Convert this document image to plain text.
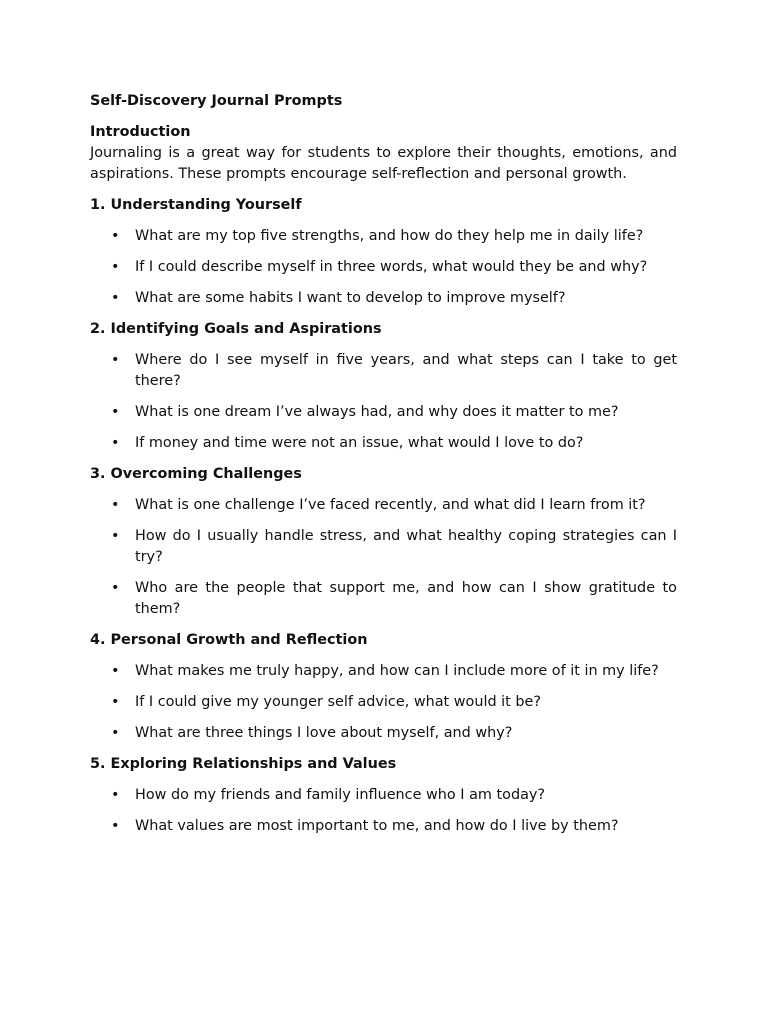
Self-Discovery Journal Prompts
Introduction
Journaling is a great way for students to explore their thoughts, emotions, and aspirations. These prompts encourage self-reflection and personal growth.
1. Understanding Yourself
• What are my top five strengths, and how do they help me in daily life?
• If I could describe myself in three words, what would they be and why?
• What are some habits I want to develop to improve myself?
2. Identifying Goals and Aspirations
• Where do I see myself in five years, and what steps can I take to get there?
• What is one dream I’ve always had, and why does it matter to me?
• If money and time were not an issue, what would I love to do?
3. Overcoming Challenges
• What is one challenge I’ve faced recently, and what did I learn from it?
• How do I usually handle stress, and what healthy coping strategies can I try?
• Who are the people that support me, and how can I show gratitude to them?
4. Personal Growth and Reflection
• What makes me truly happy, and how can I include more of it in my life?
• If I could give my younger self advice, what would it be?
• What are three things I love about myself, and why?
5. Exploring Relationships and Values
• How do my friends and family influence who I am today?
• What values are most important to me, and how do I live by them?
